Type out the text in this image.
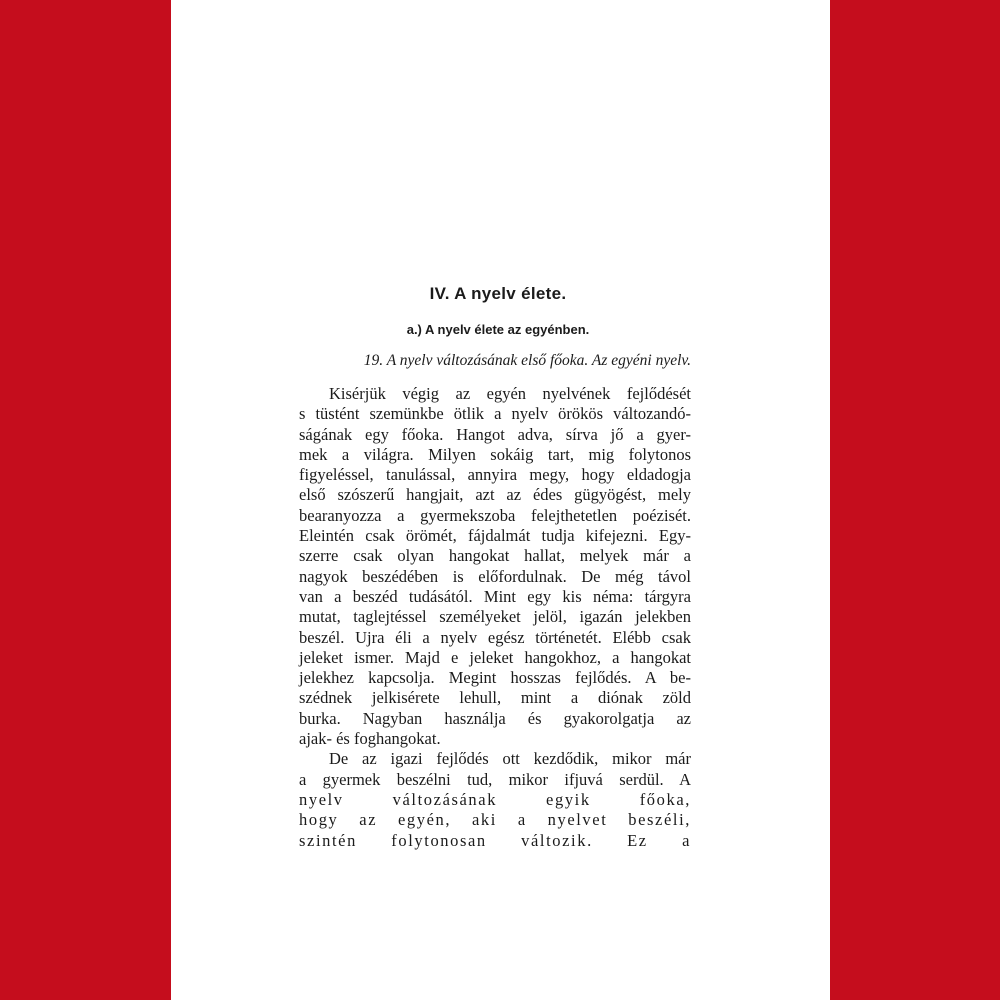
IV. A nyelv élete.
a.) A nyelv élete az egyénben.
19. A nyelv változásának első főoka. Az egyéni nyelv.
Kisérjük végig az egyén nyelvének fejlődését
s tüstént szemünkbe ötlik a nyelv örökös változandó-
ságának egy főoka. Hangot adva, sírva jő a gyer-
mek a világra. Milyen sokáig tart, mig folytonos
figyeléssel, tanulással, annyira megy, hogy eldadogja
első szószerű hangjait, azt az édes gügyögést, mely
bearanyozza a gyermekszoba felejthetetlen poézisét.
Eleintén csak örömét, fájdalmát tudja kifejezni. Egy-
szerre csak olyan hangokat hallat, melyek már a
nagyok beszédében is előfordulnak. De még távol
van a beszéd tudásától. Mint egy kis néma: tárgyra
mutat, taglejtéssel személyeket jelöl, igazán jelekben
beszél. Ujra éli a nyelv egész történetét. Elébb csak
jeleket ismer. Majd e jeleket hangokhoz, a hangokat
jelekhez kapcsolja. Megint hosszas fejlődés. A be-
szédnek jelkisérete lehull, mint a diónak zöld
burka. Nagyban használja és gyakorolgatja az
ajak- és foghangokat.
De az igazi fejlődés ott kezdődik, mikor már
a gyermek beszélni tud, mikor ifjuvá serdül. A
nyelv változásának egyik főoka,
hogy az egyén, aki a nyelvet beszéli,
szintén folytonosan változik. Ez a
